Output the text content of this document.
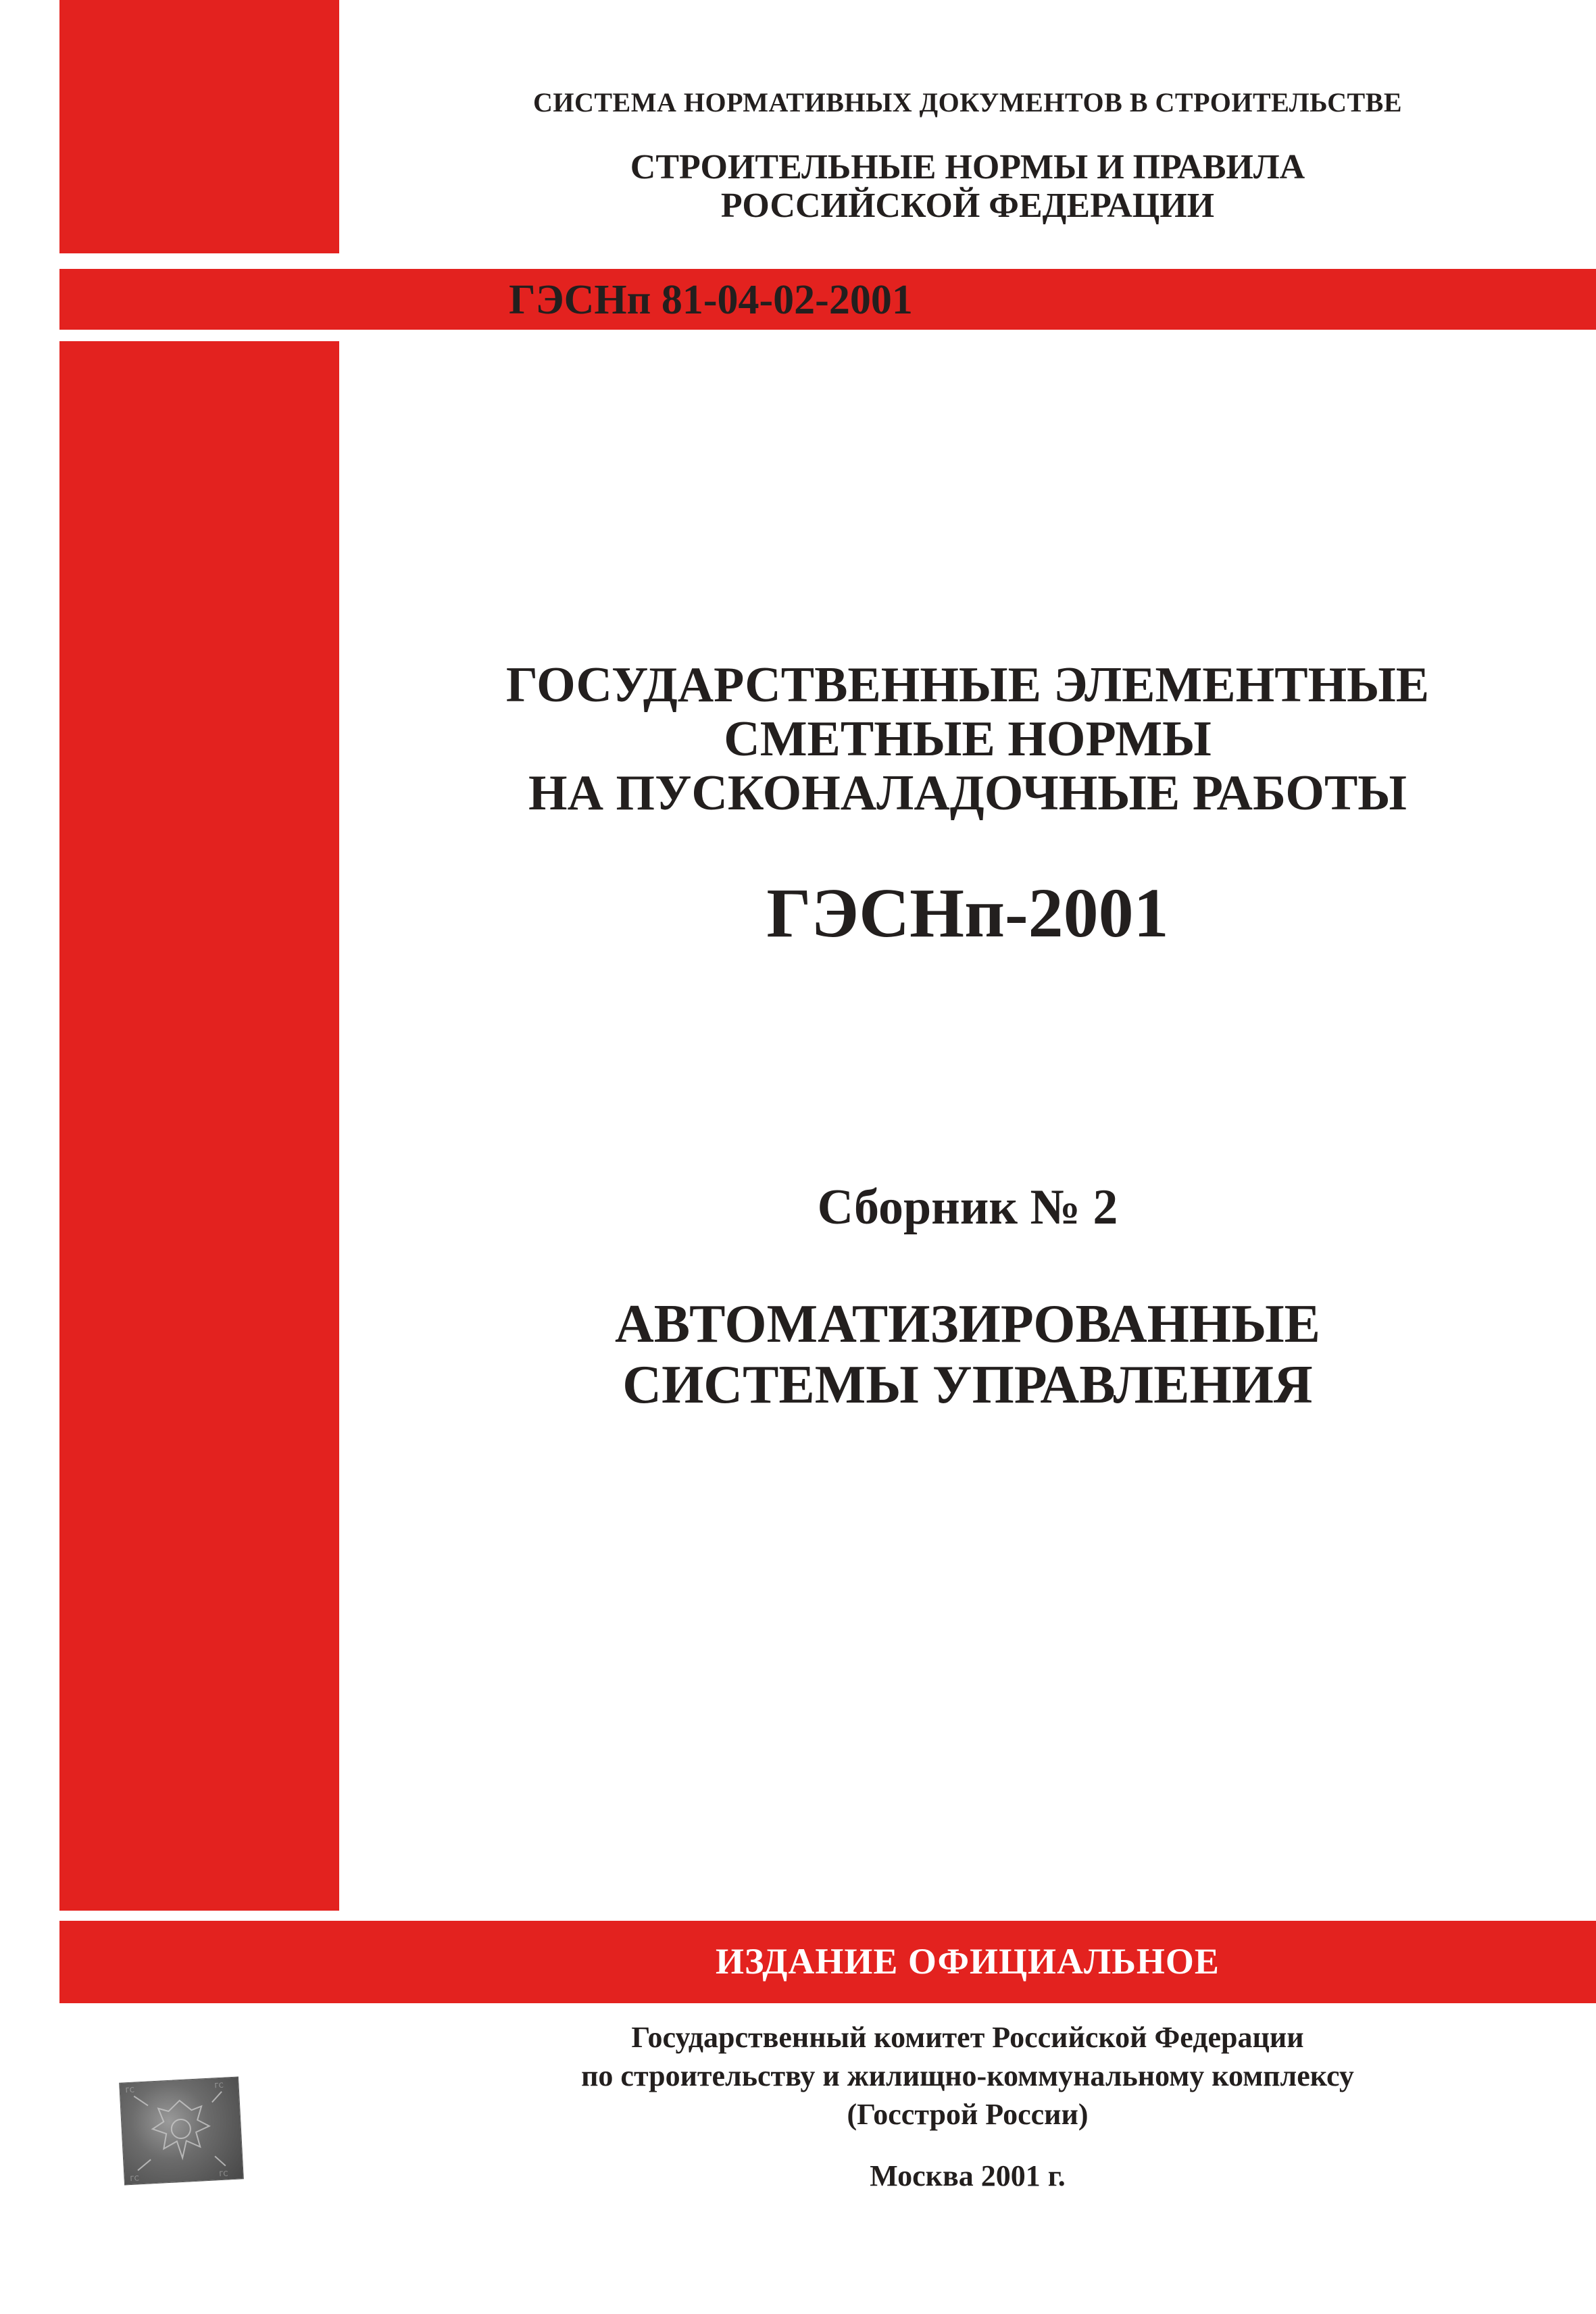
СИСТЕМА НОРМАТИВНЫХ ДОКУМЕНТОВ В СТРОИТЕЛЬСТВЕ
СТРОИТЕЛЬНЫЕ НОРМЫ И ПРАВИЛА
РОССИЙСКОЙ ФЕДЕРАЦИИ
ГЭСНп 81-04-02-2001
ГОСУДАРСТВЕННЫЕ ЭЛЕМЕНТНЫЕ
СМЕТНЫЕ НОРМЫ
НА ПУСКОНАЛАДОЧНЫЕ РАБОТЫ
ГЭСНп-2001
Сборник № 2
АВТОМАТИЗИРОВАННЫЕ
СИСТЕМЫ УПРАВЛЕНИЯ
ИЗДАНИЕ ОФИЦИАЛЬНОЕ
ГС
ГС
ГС
ГС
Государственный комитет Российской Федерации
по строительству и жилищно-коммунальному комплексу
(Госстрой России)
Москва 2001 г.
